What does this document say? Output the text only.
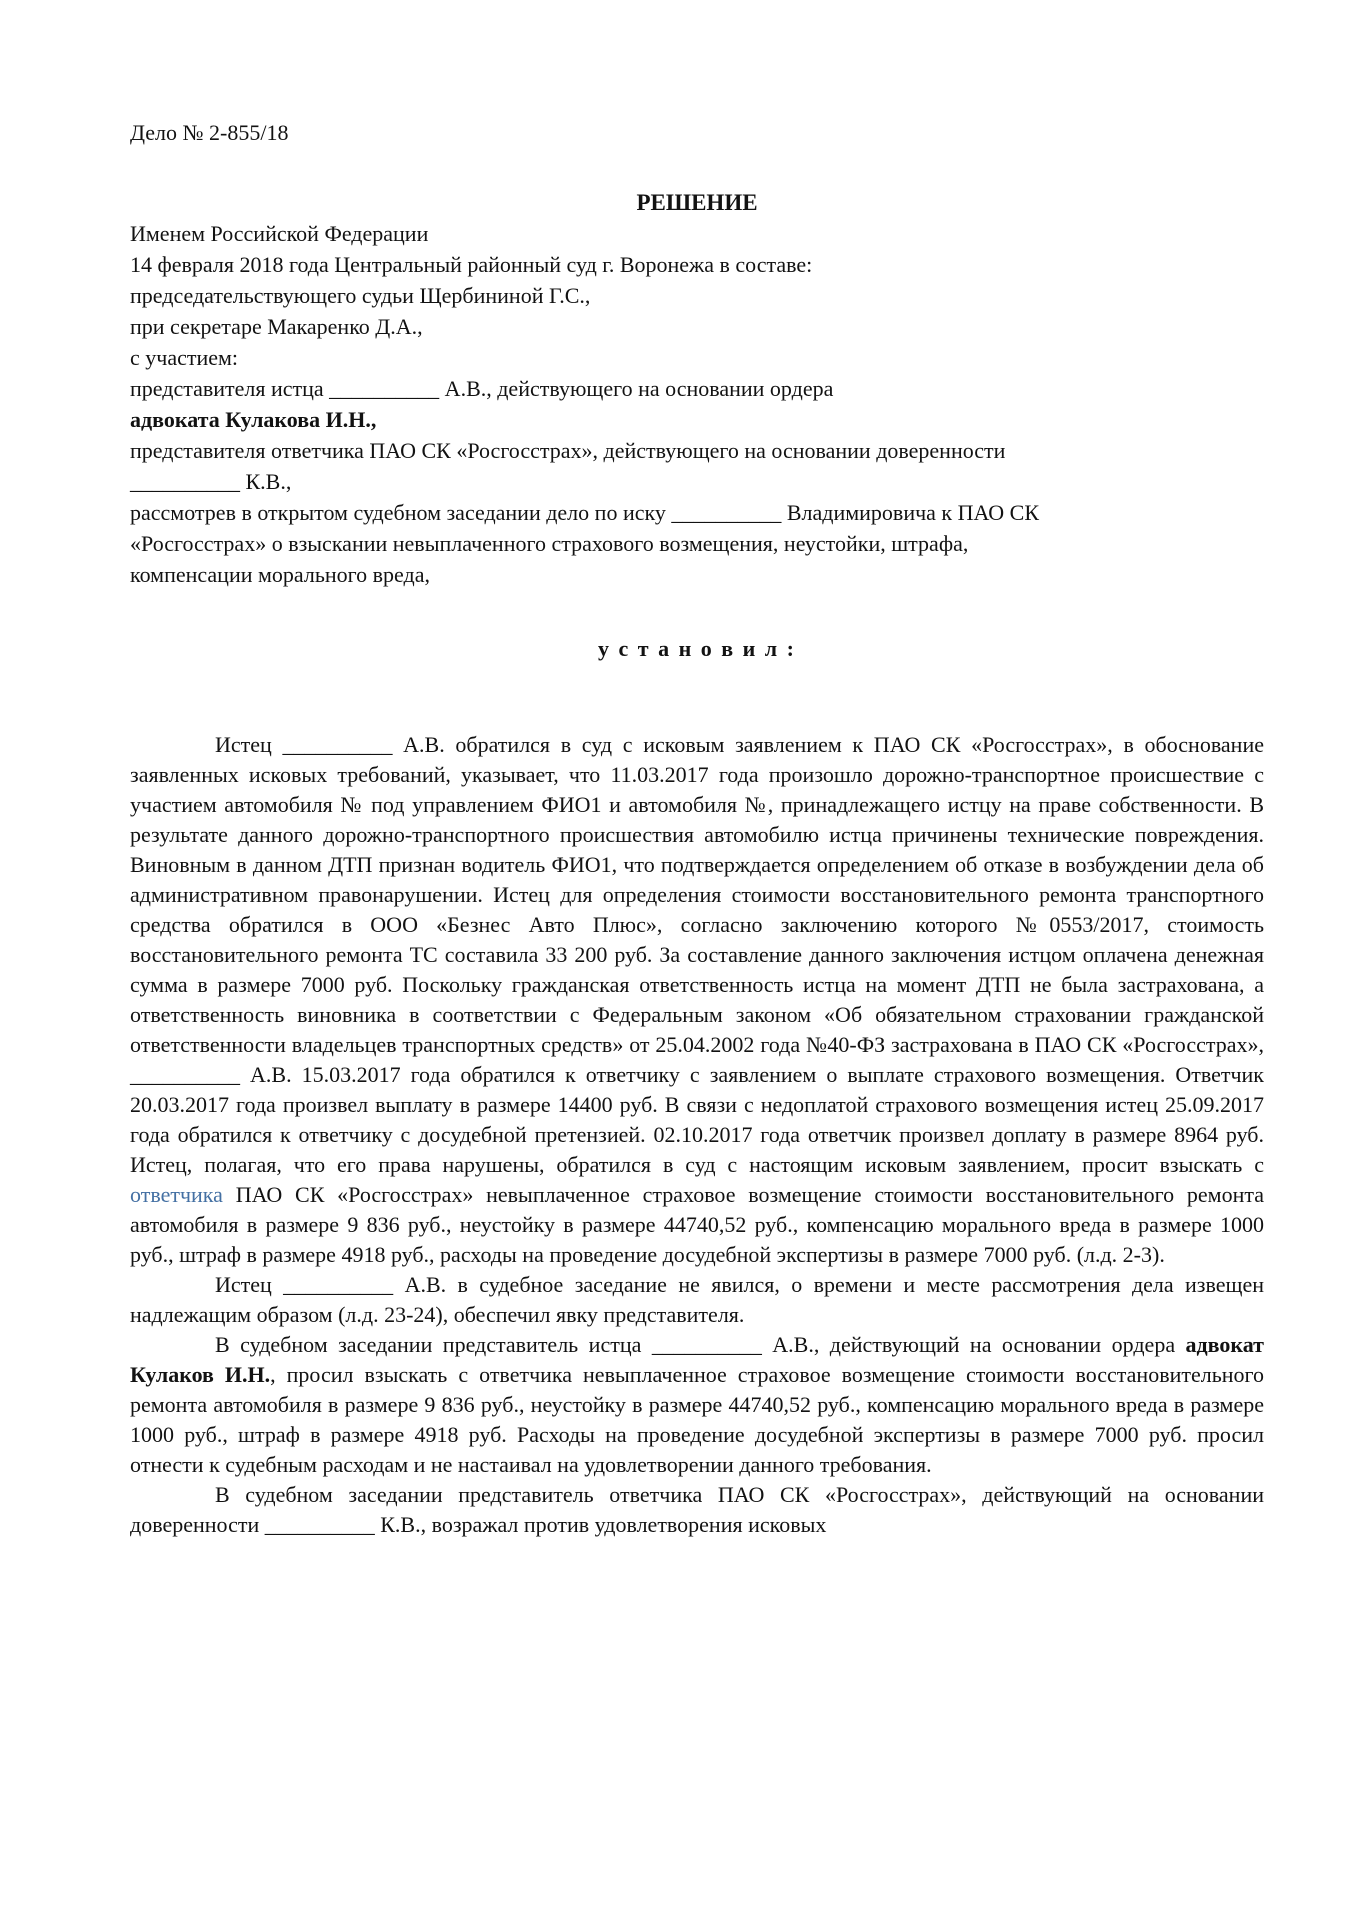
Дело № 2-855/18
РЕШЕНИЕ
Именем Российской Федерации
14 февраля 2018 года Центральный районный суд г. Воронежа в составе:
председательствующего судьи Щербининой Г.С.,
при секретаре Макаренко Д.А.,
с участием:
представителя истца __________ А.В., действующего на основании ордера
адвоката Кулакова И.Н.,
представителя ответчика ПАО СК «Росгосстрах», действующего на основании доверенности
__________ К.В.,
рассмотрев в открытом судебном заседании дело по иску __________ Владимировича к ПАО СК
«Росгосстрах» о взыскании невыплаченного страхового возмещения, неустойки, штрафа,
компенсации морального вреда,
у с т а н о в и л :

Истец __________ А.В. обратился в суд с исковым заявлением к ПАО СК «Росгосстрах», в обоснование заявленных исковых требований, указывает, что 11.03.2017 года произошло дорожно-транспортное происшествие с участием автомобиля № под управлением ФИО1 и автомобиля №, принадлежащего истцу на праве собственности. В результате данного дорожно-транспортного происшествия автомобилю истца причинены технические повреждения. Виновным в данном ДТП признан водитель ФИО1, что подтверждается определением об отказе в возбуждении дела об административном правонарушении. Истец для определения стоимости восстановительного ремонта транспортного средства обратился в ООО «Безнес Авто Плюс», согласно заключению которого №0553/2017, стоимость восстановительного ремонта ТС составила 33 200 руб. За составление данного заключения истцом оплачена денежная сумма в размере 7000 руб. Поскольку гражданская ответственность истца на момент ДТП не была застрахована, а ответственность виновника в соответствии с Федеральным законом «Об обязательном страховании гражданской ответственности владельцев транспортных средств» от 25.04.2002 года №40-ФЗ застрахована в ПАО СК «Росгосстрах», __________ А.В. 15.03.2017 года обратился к ответчику с заявлением о выплате страхового возмещения. Ответчик 20.03.2017 года произвел выплату в размере 14400 руб. В связи с недоплатой страхового возмещения истец 25.09.2017 года обратился к ответчику с досудебной претензией. 02.10.2017 года ответчик произвел доплату в размере 8964 руб. Истец, полагая, что его права нарушены, обратился в суд с настоящим исковым заявлением, просит взыскать с ответчика ПАО СК «Росгосстрах» невыплаченное страховое возмещение стоимости восстановительного ремонта автомобиля в размере 9 836 руб., неустойку в размере 44740,52 руб., компенсацию морального вреда в размере 1000 руб., штраф в размере 4918 руб., расходы на проведение досудебной экспертизы в размере 7000 руб. (л.д. 2-3).

Истец __________ А.В. в судебное заседание не явился, о времени и месте рассмотрения дела извещен надлежащим образом (л.д. 23-24), обеспечил явку представителя.

В судебном заседании представитель истца __________ А.В., действующий на основании ордера адвокат Кулаков И.Н., просил взыскать с ответчика невыплаченное страховое возмещение стоимости восстановительного ремонта автомобиля в размере 9 836 руб., неустойку в размере 44740,52 руб., компенсацию морального вреда в размере 1000 руб., штраф в размере 4918 руб. Расходы на проведение досудебной экспертизы в размере 7000 руб. просил отнести к судебным расходам и не настаивал на удовлетворении данного требования.

В судебном заседании представитель ответчика ПАО СК «Росгосстрах», действующий на основании доверенности __________ К.В., возражал против удовлетворения исковых
